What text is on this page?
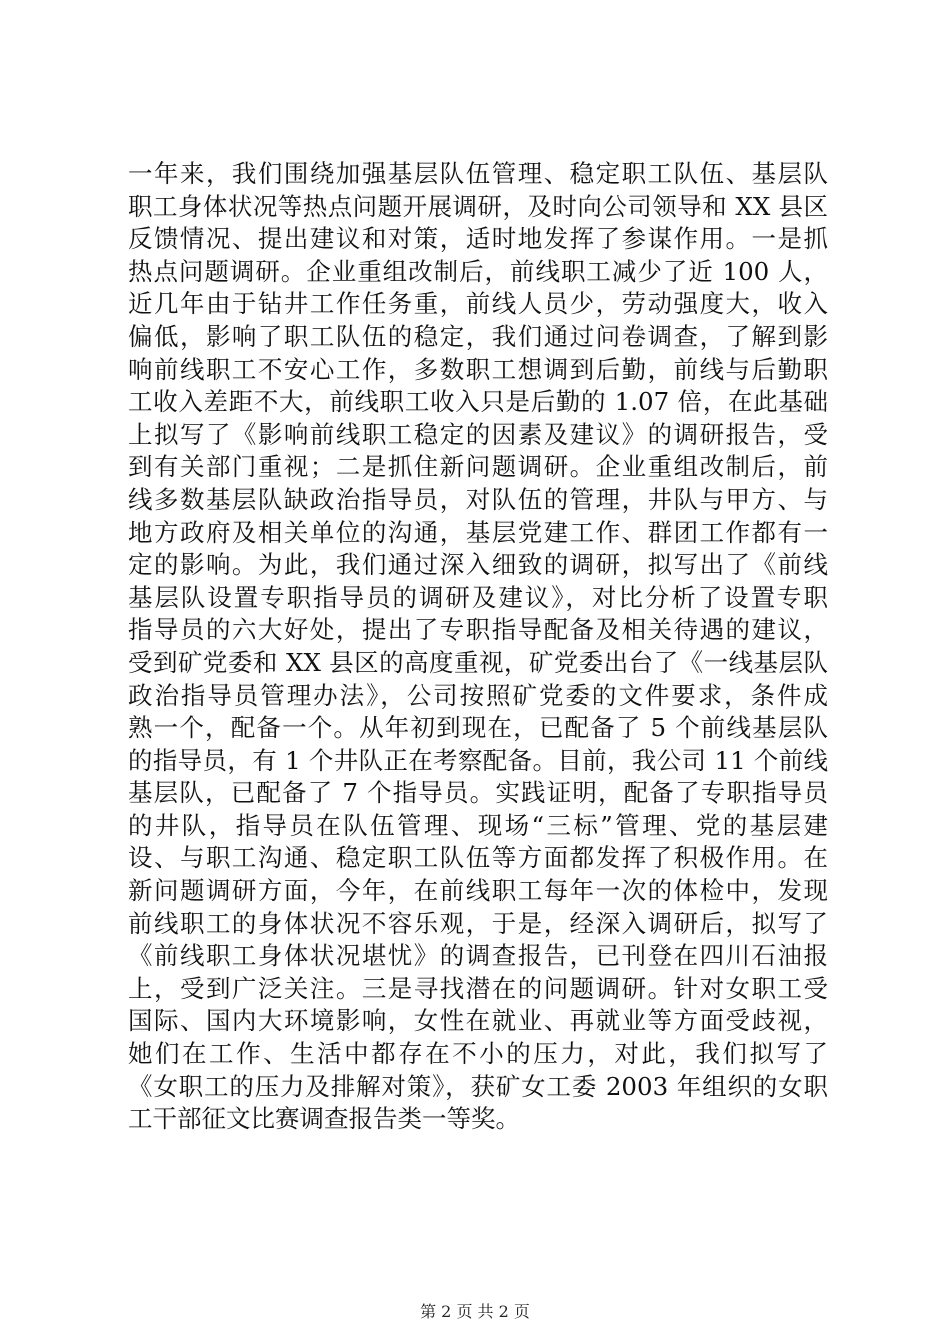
一年来，我们围绕加强基层队伍管理、稳定职工队伍、基层队
职工身体状况等热点问题开展调研，及时向公司领导和 XX 县区
反馈情况、提出建议和对策，适时地发挥了参谋作用。一是抓
热点问题调研。企业重组改制后，前线职工减少了近 100 人，
近几年由于钻井工作任务重，前线人员少，劳动强度大，收入
偏低，影响了职工队伍的稳定，我们通过问卷调查，了解到影
响前线职工不安心工作，多数职工想调到后勤，前线与后勤职
工收入差距不大，前线职工收入只是后勤的 1.07 倍，在此基础
上拟写了《影响前线职工稳定的因素及建议》的调研报告，受
到有关部门重视；二是抓住新问题调研。企业重组改制后，前
线多数基层队缺政治指导员，对队伍的管理，井队与甲方、与
地方政府及相关单位的沟通，基层党建工作、群团工作都有一
定的影响。为此，我们通过深入细致的调研，拟写出了《前线
基层队设置专职指导员的调研及建议》，对比分析了设置专职
指导员的六大好处，提出了专职指导配备及相关待遇的建议，
受到矿党委和 XX 县区的高度重视，矿党委出台了《一线基层队
政治指导员管理办法》，公司按照矿党委的文件要求，条件成
熟一个，配备一个。从年初到现在，已配备了 5 个前线基层队
的指导员，有 1 个井队正在考察配备。目前，我公司 11 个前线
基层队，已配备了 7 个指导员。实践证明，配备了专职指导员
的井队，指导员在队伍管理、现场“三标”管理、党的基层建
设、与职工沟通、稳定职工队伍等方面都发挥了积极作用。在
新问题调研方面，今年，在前线职工每年一次的体检中，发现
前线职工的身体状况不容乐观，于是，经深入调研后，拟写了
《前线职工身体状况堪忧》的调查报告，已刊登在四川石油报
上，受到广泛关注。三是寻找潜在的问题调研。针对女职工受
国际、国内大环境影响，女性在就业、再就业等方面受歧视，
她们在工作、生活中都存在不小的压力，对此，我们拟写了
《女职工的压力及排解对策》，获矿女工委 2003 年组织的女职
工干部征文比赛调查报告类一等奖。
第 2 页 共 2 页
